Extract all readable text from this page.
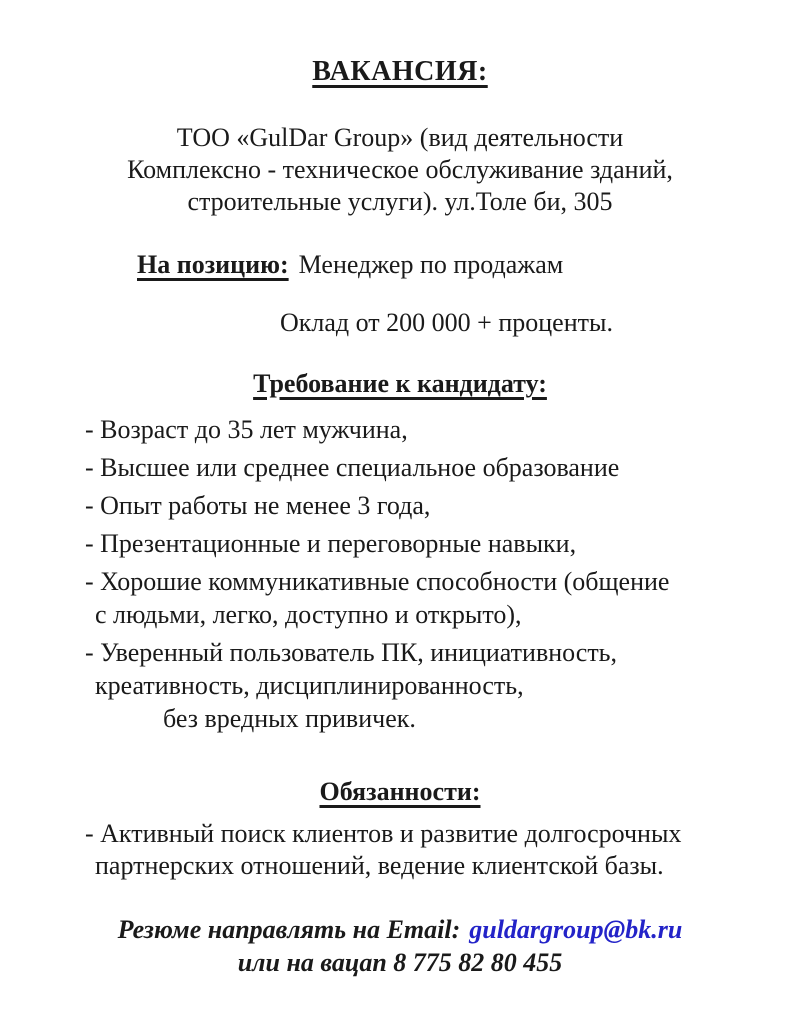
ВАКАНСИЯ:
ТОО «GulDar Group» (вид деятельности
Комплексно - техническое обслуживание зданий,
строительные услуги). ул.Толе би, 305
На позицию: Менеджер по продажам
Оклад от 200 000 + проценты.
Требование к кандидату:
- Возраст до 35 лет мужчина,
- Высшее или среднее специальное образование
- Опыт работы не менее 3 года,
- Презентационные и переговорные навыки,
- Хорошие коммуникативные способности (общение
с людьми, легко, доступно и открыто),
- Уверенный пользователь ПК, инициативность,
креативность, дисциплинированность,
без вредных привичек.
Обязанности:
- Активный поиск клиентов и развитие долгосрочных
партнерских отношений, ведение клиентской базы.
Резюме направлять на Email: guldargroup@bk.ru
или на вацап 8 775 82 80 455
